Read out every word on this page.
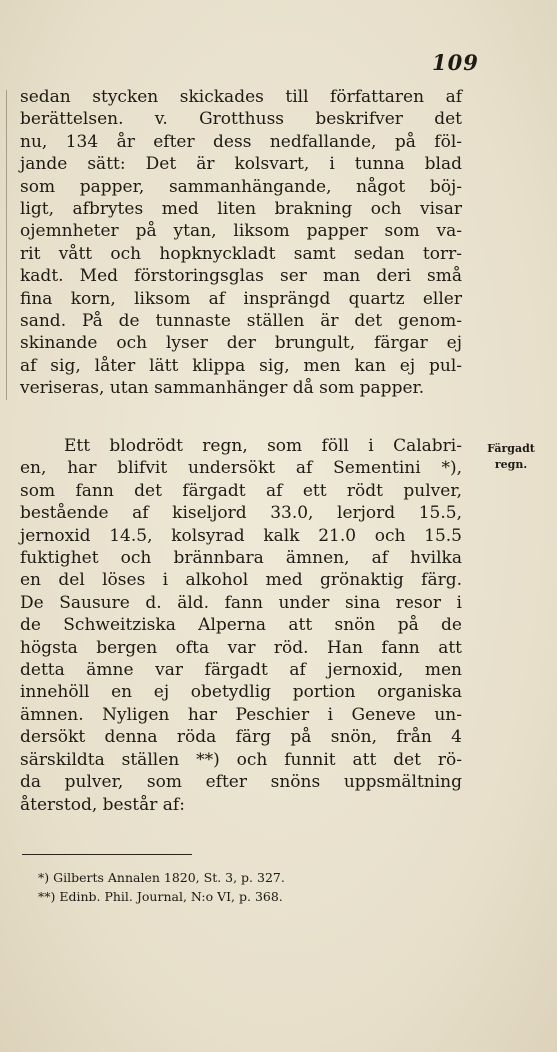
109
sedan stycken skickades till författaren af
berättelsen. v. Grotthuss beskrifver det
nu, 134 år efter dess nedfallande, på föl-
jande sätt: Det är kolsvart, i tunna blad
som papper, sammanhängande, något böj-
ligt, afbrytes med liten brakning och visar
ojemnheter på ytan, liksom papper som va-
rit vått och hopknyckladt samt sedan torr-
kadt. Med förstoringsglas ser man deri små
fina korn, liksom af insprängd quartz eller
sand. På de tunnaste ställen är det genom-
skinande och lyser der brungult, färgar ej
af sig, låter lätt klippa sig, men kan ej pul-
veriseras, utan sammanhänger då som papper.
Ett blodrödt regn, som föll i Calabri-
en, har blifvit undersökt af Sementini *),
som fann det färgadt af ett rödt pulver,
bestående af kiseljord 33.0, lerjord 15.5,
jernoxid 14.5, kolsyrad kalk 21.0 och 15.5
fuktighet och brännbara ämnen, af hvilka
en del löses i alkohol med grönaktig färg.
De Sausure d. äld. fann under sina resor i
de Schweitziska Alperna att snön på de
högsta bergen ofta var röd. Han fann att
detta ämne var färgadt af jernoxid, men
innehöll en ej obetydlig portion organiska
ämnen. Nyligen har Peschier i Geneve un-
dersökt denna röda färg på snön, från 4
särskildta ställen **) och funnit att det rö-
da pulver, som efter snöns uppsmältning
återstod, består af:
Färgadt
regn.
*) Gilberts Annalen 1820, St. 3, p. 327.
**) Edinb. Phil. Journal, N:o VI, p. 368.
